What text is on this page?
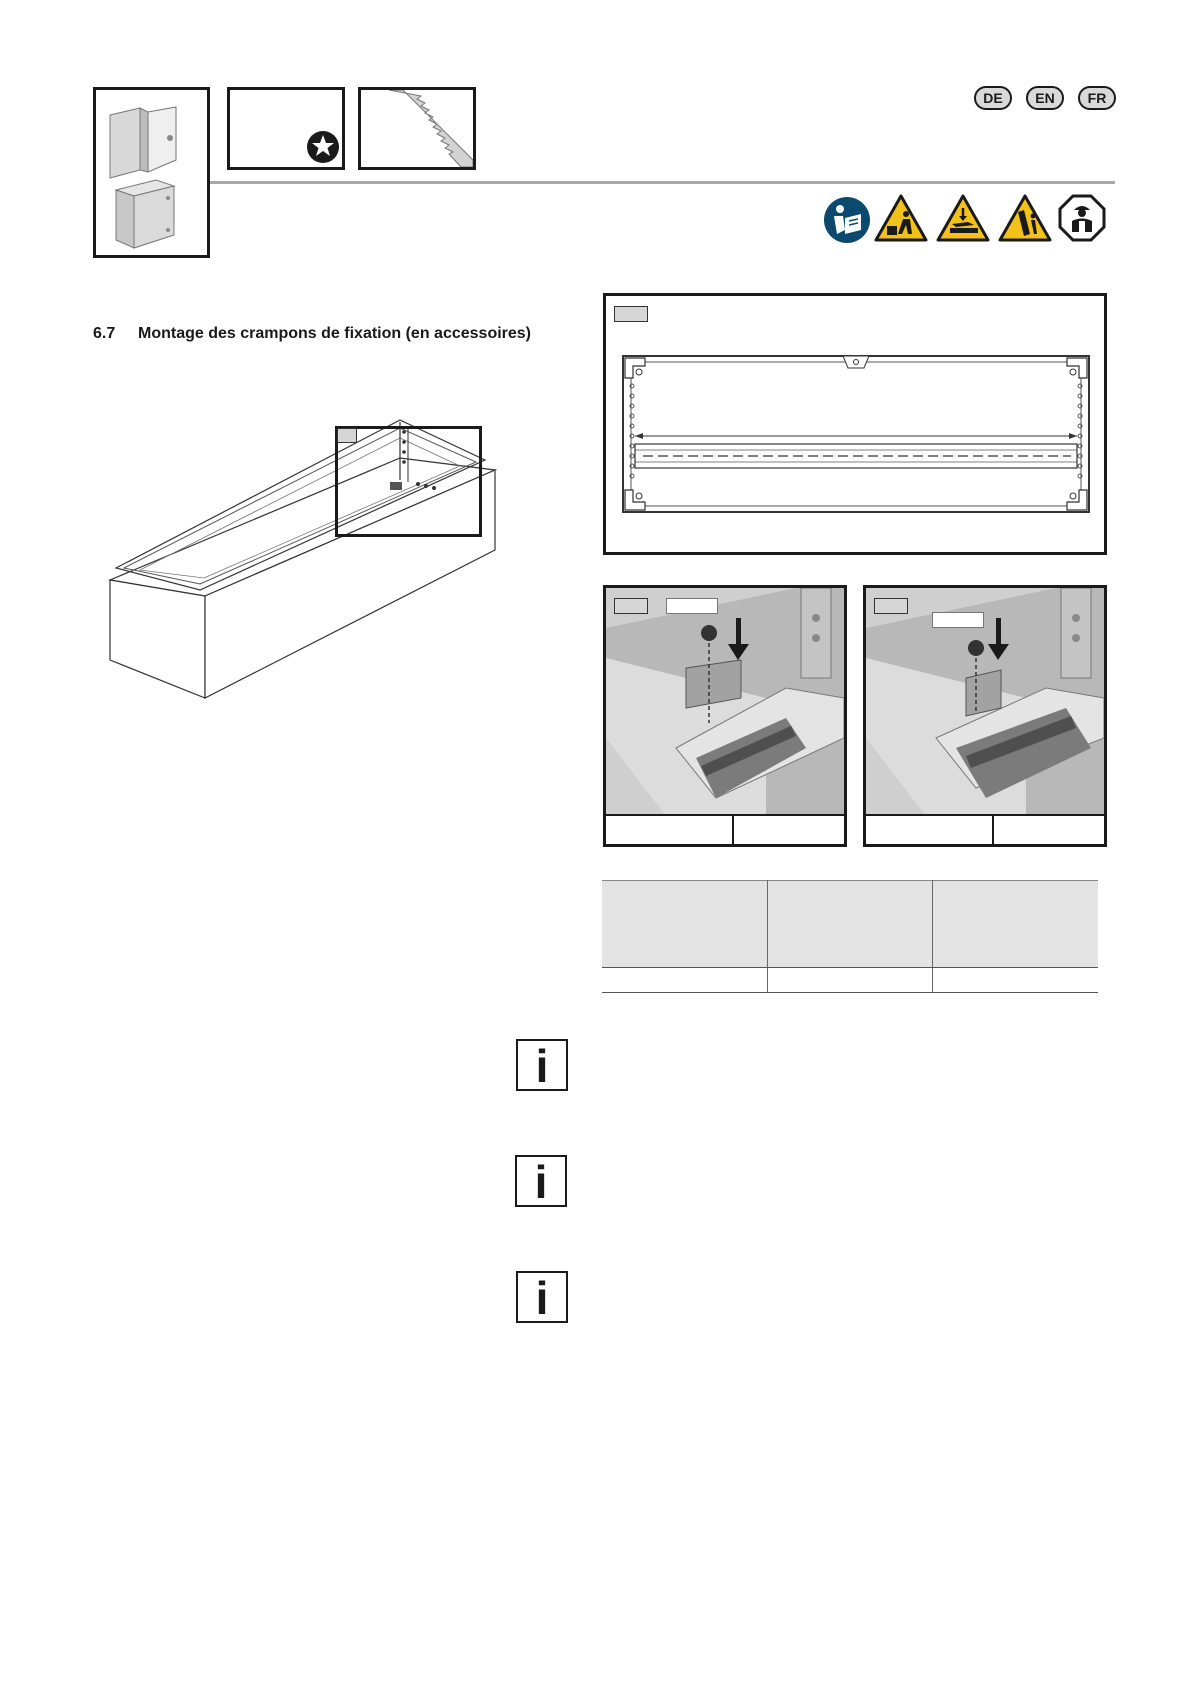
DE	EN	FR
6.7 Montage des crampons de fixation (en accessoires)

i
i
i
